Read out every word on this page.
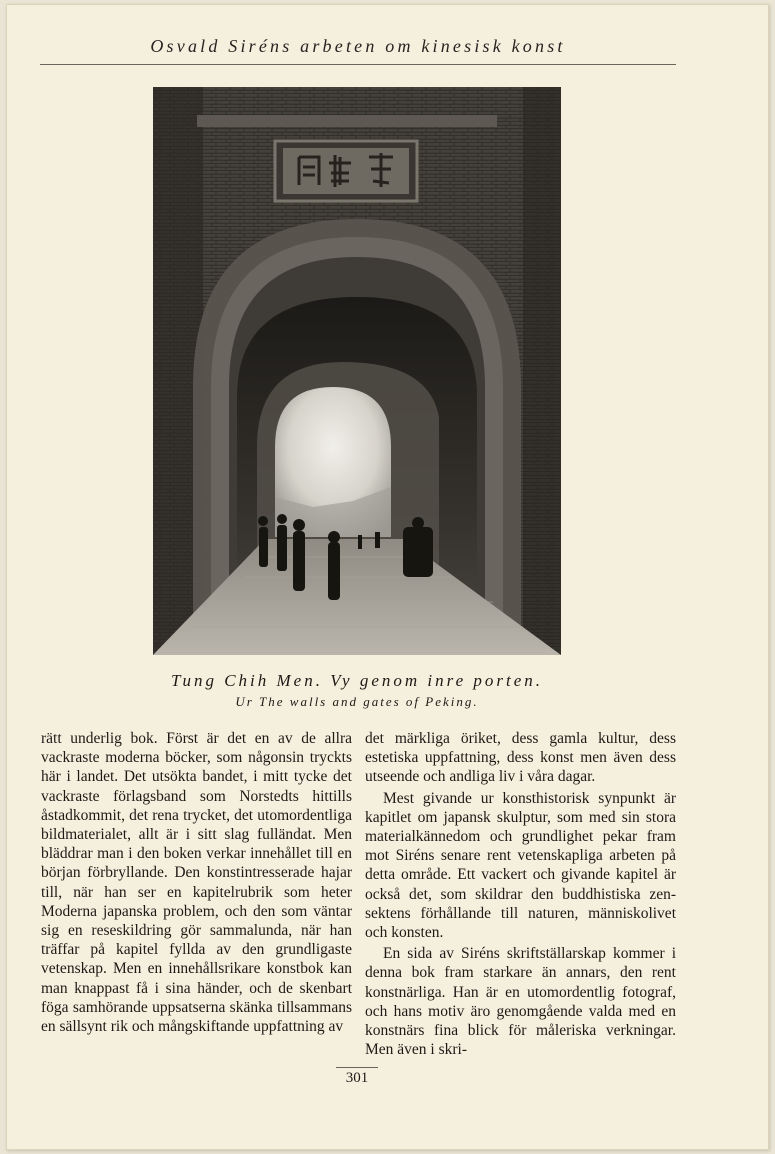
Osvald Siréns arbeten om kinesisk konst
Tung Chih Men. Vy genom inre porten.
Ur The walls and gates of Peking.

rätt underlig bok. Först är det en av de allra vackraste moderna böcker, som någonsin tryckts här i landet. Det utsökta bandet, i mitt tycke det vackraste förlagsband som Norstedts hittills åstadkommit, det rena trycket, det utomordentliga bildmaterialet, allt är i sitt slag fulländat. Men bläddrar man i den boken verkar innehållet till en början förbryllande. Den konstintresserade hajar till, när han ser en kapitelrubrik som heter Moderna japanska problem, och den som väntar sig en reseskildring gör sammalunda, när han träffar på kapitel fyllda av den grundligaste vetenskap. Men en innehållsrikare konstbok kan man knappast få i sina händer, och de skenbart föga samhörande uppsatserna skänka tillsammans en sällsynt rik och mångskiftande uppfattning av

det märkliga öriket, dess gamla kultur, dess estetiska uppfattning, dess konst men även dess utseende och andliga liv i våra dagar.

Mest givande ur konsthistorisk synpunkt är kapitlet om japansk skulptur, som med sin stora materialkännedom och grundlighet pekar fram mot Siréns senare rent vetenskapliga arbeten på detta område. Ett vackert och givande kapitel är också det, som skildrar den buddhistiska zen-sektens förhållande till naturen, människolivet och konsten.

En sida av Siréns skriftställarskap kommer i denna bok fram starkare än annars, den rent konstnärliga. Han är en utomordentlig fotograf, och hans motiv äro genomgående valda med en konstnärs fina blick för måleriska verkningar. Men även i skri-

301
